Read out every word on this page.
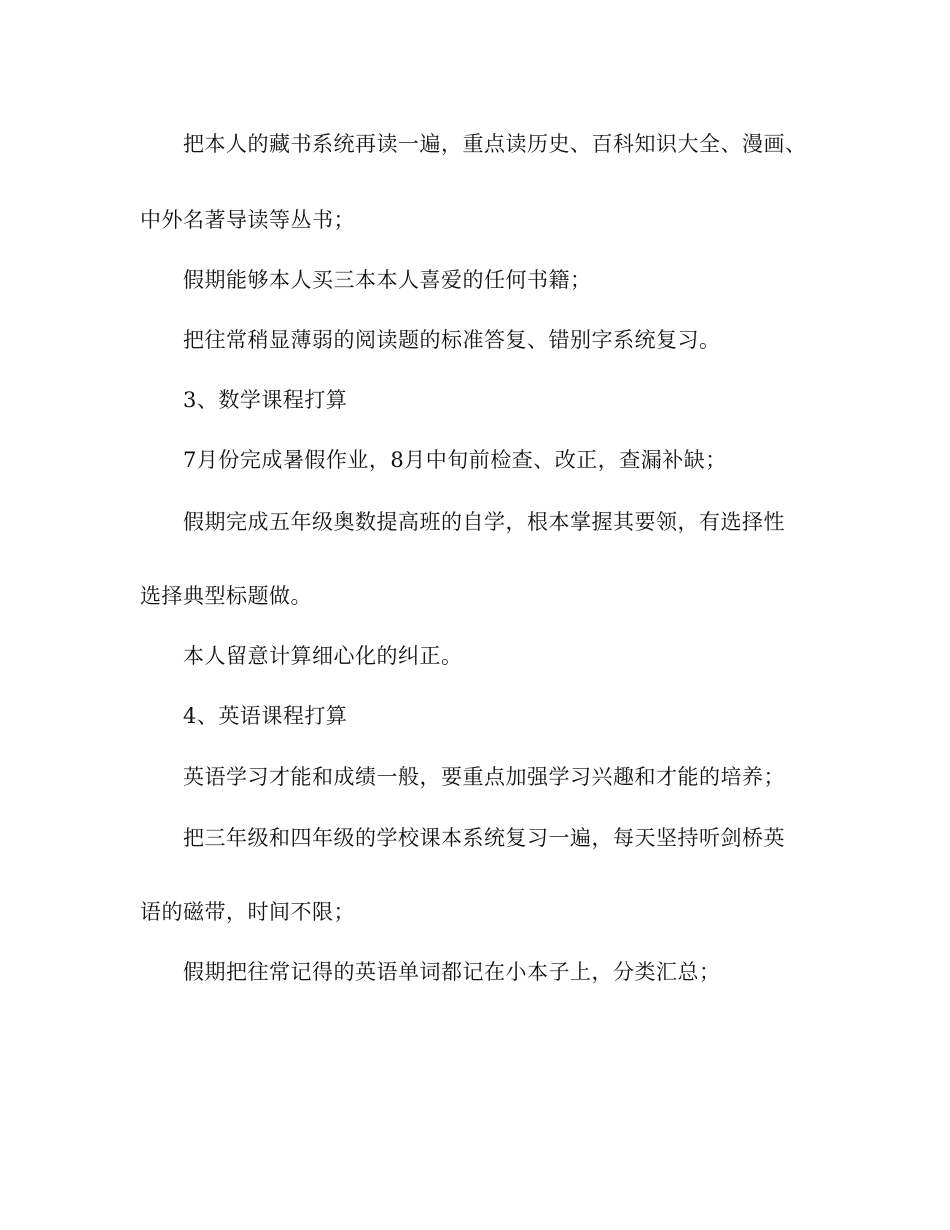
把本人的藏书系统再读一遍，重点读历史、百科知识大全、漫画、
中外名著导读等丛书；
假期能够本人买三本本人喜爱的任何书籍；
把往常稍显薄弱的阅读题的标准答复、错别字系统复习。
3、数学课程打算
7月份完成暑假作业，8月中旬前检查、改正，查漏补缺；
假期完成五年级奥数提高班的自学，根本掌握其要领，有选择性
选择典型标题做。
本人留意计算细心化的纠正。
4、英语课程打算
英语学习才能和成绩一般，要重点加强学习兴趣和才能的培养；
把三年级和四年级的学校课本系统复习一遍，每天坚持听剑桥英
语的磁带，时间不限；
假期把往常记得的英语单词都记在小本子上，分类汇总；
